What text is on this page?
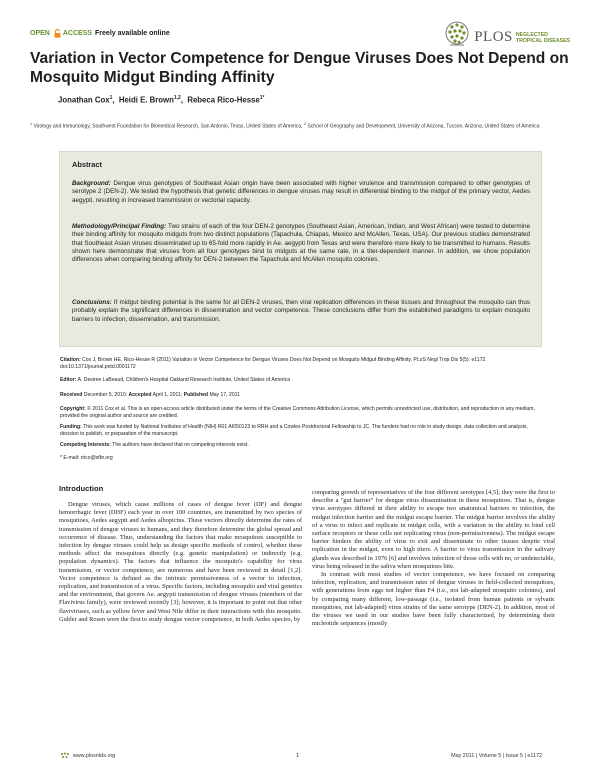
OPEN ACCESS Freely available online	PLOS NEGLECTED
TROPICAL DISEASES
Variation in Vector Competence for Dengue Viruses Does Not Depend on Mosquito Midgut Binding Affinity
Jonathan Cox$^1$,  Heidi E. Brown$^{1,2}$,  Rebeca Rico-Hesse$^{1*}$
$^1$ Virology and Immunology, Southwest Foundation for Biomedical Research, San Antonio, Texas, United States of America, $^2$ School of Geography and Development, University of Arizona, Tucson, Arizona, United States of America
Abstract

Background: Dengue virus genotypes of Southeast Asian origin have been associated with higher virulence and transmission compared to other genotypes of serotype 2 (DEN-2). We tested the hypothesis that genetic differences in dengue viruses may result in differential binding to the midgut of the primary vector, Aedes aegypti, resulting in increased transmission or vectorial capacity.

Methodology/Principal Finding: Two strains of each of the four DEN-2 genotypes (Southeast Asian, American, Indian, and West African) were tested to determine their binding affinity for mosquito midguts from two distinct populations (Tapachula, Chiapas, Mexico and McAllen, Texas, USA). Our previous studies demonstrated that Southeast Asian viruses disseminated up to 65-fold more rapidly in Ae. aegypti from Texas and were therefore more likely to be transmitted to humans. Results shown here demonstrate that viruses from all four genotypes bind to midguts at the same rate, in a titer-dependent manner. In addition, we show population differences when comparing binding affinity for DEN-2 between the Tapachula and McAllen mosquito colonies.

Conclusions: If midgut binding potential is the same for all DEN-2 viruses, then viral replication differences in these tissues and throughout the mosquito can thus probably explain the significant differences in dissemination and vector competence. These conclusions differ from the established paradigms to explain mosquito barriers to infection, dissemination, and transmission.

Citation: Cox J, Brown HE, Rico-Hesse R (2011) Variation in Vector Competence for Dengue Viruses Does Not Depend on Mosquito Midgut Binding Affinity. PLoS Negl Trop Dis 5(5): e1172. doi:10.1371/journal.pntd.0001172

Editor: A. Desiree LaBeaud, Children's Hospital Oakland Research Institute, United States of America

Received December 5, 2010; Accepted April 1, 2011; Published May 17, 2011

Copyright: © 2011 Cox et al. This is an open-access article distributed under the terms of the Creative Commons Attribution License, which permits unrestricted use, distribution, and reproduction in any medium, provided the original author and source are credited.

Funding: This work was funded by National Institutes of Health (NIH) R01 AI050123 to RRH and a Cowles Postdoctoral Fellowship to JC. The funders had no role in study design, data collection and analysis, decision to publish, or preparation of the manuscript.

Competing Interests: The authors have declared that no competing interests exist.

* E-mail: rrico@sfbr.org

Introduction

Dengue viruses, which cause millions of cases of dengue fever (DF) and dengue hemorrhagic fever (DHF) each year in over 100 countries, are transmitted by two species of mosquitoes, Aedes aegypti and Aedes albopictus. These vectors directly determine the rates of transmission of dengue viruses to humans, and they therefore determine the global spread and occurrence of disease. Thus, understanding the factors that make mosquitoes susceptible to infection by dengue viruses could help us design specific methods of control, whether these methods affect the mosquitoes directly (e.g. genetic manipulation) or indirectly (e.g. population dynamics). The factors that influence the mosquito's capability for virus transmission, or vector competence, are numerous and have been reviewed in detail [1,2]. Vector competence is defined as the intrinsic permissiveness of a vector to infection, replication, and transmission of a virus. Specific factors, including mosquito and viral genetics and the environment, that govern Ae. aegypti transmission of dengue viruses (members of the Flavivirus family), were reviewed recently [3]; however, it is important to point out that other flaviviruses, such as yellow fever and West Nile differ in their interactions with this mosquito. Gubler and Rosen were the first to study dengue vector competence, in both Aedes species, by

comparing growth of representatives of the four different serotypes [4,5]; they were the first to describe a "gut barrier" for dengue virus dissemination in these mosquitoes. That is, dengue virus serotypes differed in their ability to escape two anatomical barriers to infection, the midgut infection barrier and the midgut escape barrier. The midgut barrier involves the ability of a virus to infect and replicate in midgut cells, with a variation in the ability to bind cell surface receptors or these cells not replicating virus (non-permissiveness). The midgut escape barrier hinders the ability of virus to exit and disseminate to other tissues despite viral replication in the midgut, even to high titers. A barrier to virus transmission in the salivary glands was described in 1976 [6] and involves infection of those cells with no, or undetectable, virus being released in the saliva when mosquitoes bite.

In contrast with most studies of vector competence, we have focused on comparing infection, replication, and transmission rates of dengue viruses in field-collected mosquitoes, with generations from eggs not higher than F4 (i.e., not lab-adapted mosquito colonies), and by comparing many different, low-passage (i.e., isolated from human patients or sylvatic mosquitoes, not lab-adapted) virus strains of the same serotype (DEN-2). In addition, most of the viruses we used in our studies have been fully characterized, by determining their nucleotide sequences (mostly

www.plosntds.org	1	May 2011 | Volume 5 | Issue 5 | e1172
